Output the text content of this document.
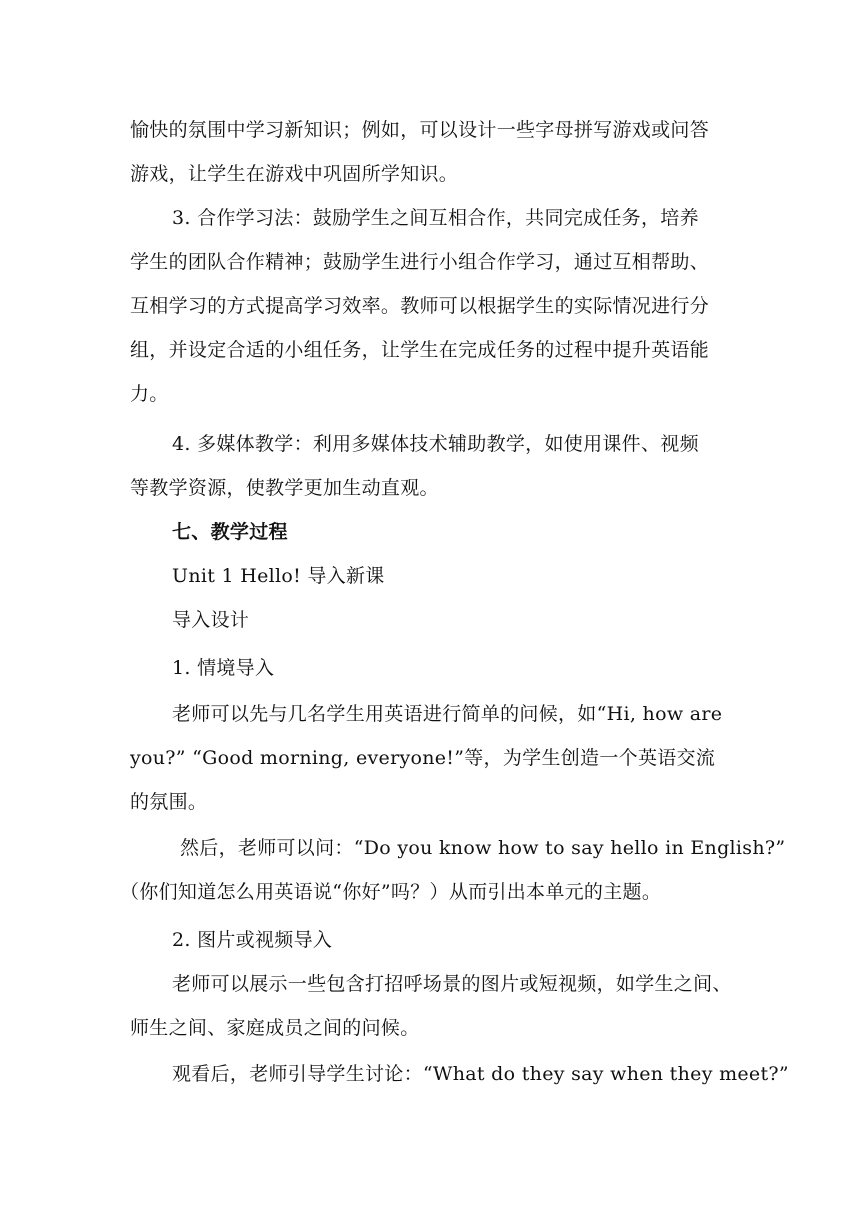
愉快的氛围中学习新知识；例如，可以设计一些字母拼写游戏或问答
游戏，让学生在游戏中巩固所学知识。
3. 合作学习法：鼓励学生之间互相合作，共同完成任务，培养
学生的团队合作精神；鼓励学生进行小组合作学习，通过互相帮助、
互相学习的方式提高学习效率。教师可以根据学生的实际情况进行分
组，并设定合适的小组任务，让学生在完成任务的过程中提升英语能
力。
4. 多媒体教学：利用多媒体技术辅助教学，如使用课件、视频
等教学资源，使教学更加生动直观。
七、教学过程
Unit 1 Hello! 导入新课
导入设计
1. 情境导入
老师可以先与几名学生用英语进行简单的问候，如“Hi, how are
you?” “Good morning, everyone!”等，为学生创造一个英语交流
的氛围。
然后，老师可以问：“Do you know how to say hello in English?”
（你们知道怎么用英语说“你好”吗？）从而引出本单元的主题。
2. 图片或视频导入
老师可以展示一些包含打招呼场景的图片或短视频，如学生之间、
师生之间、家庭成员之间的问候。
观看后，老师引导学生讨论：“What do they say when they meet?”
